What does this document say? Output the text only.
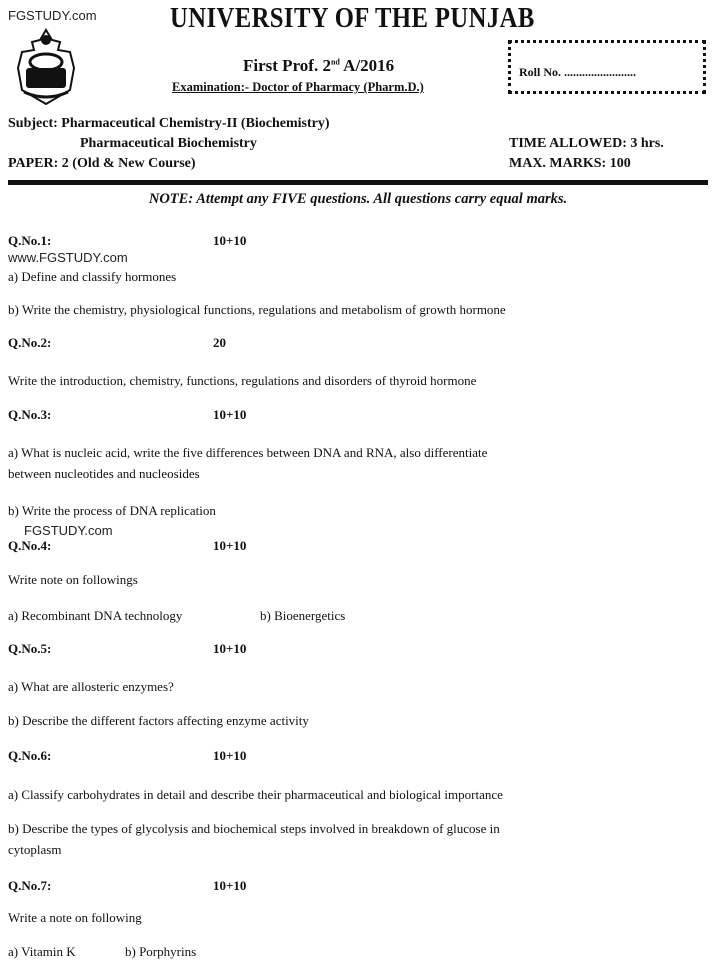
FGSTUDY.com	UNIVERSITY OF THE PUNJAB
First Prof. 2nd A/2016
Examination:- Doctor of Pharmacy (Pharm.D.)
Roll No. ........................
Subject: Pharmaceutical Chemistry-II (Biochemistry)
Pharmaceutical Biochemistry
PAPER: 2 (Old & New Course)
TIME ALLOWED: 3 hrs.
MAX. MARKS: 100
NOTE: Attempt any FIVE questions. All questions carry equal marks.
Q.No.1:	10+10
www.FGSTUDY.com
a) Define and classify hormones
b) Write the chemistry, physiological functions, regulations and metabolism of growth hormone
Q.No.2:	20
Write the introduction, chemistry, functions, regulations and disorders of thyroid hormone
Q.No.3:	10+10
a) What is nucleic acid, write the five differences between DNA and RNA, also differentiate
between nucleotides and nucleosides
b) Write the process of DNA replication
FGSTUDY.com
Q.No.4:	10+10
Write note on followings
a) Recombinant DNA technology	b) Bioenergetics
Q.No.5:	10+10
a) What are allosteric enzymes?
b) Describe the different factors affecting enzyme activity
Q.No.6:	10+10
a) Classify carbohydrates in detail and describe their pharmaceutical and biological importance
b) Describe the types of glycolysis and biochemical steps involved in breakdown of glucose in
cytoplasm
Q.No.7:	10+10
Write a note on following
a) Vitamin K	b) Porphyrins
